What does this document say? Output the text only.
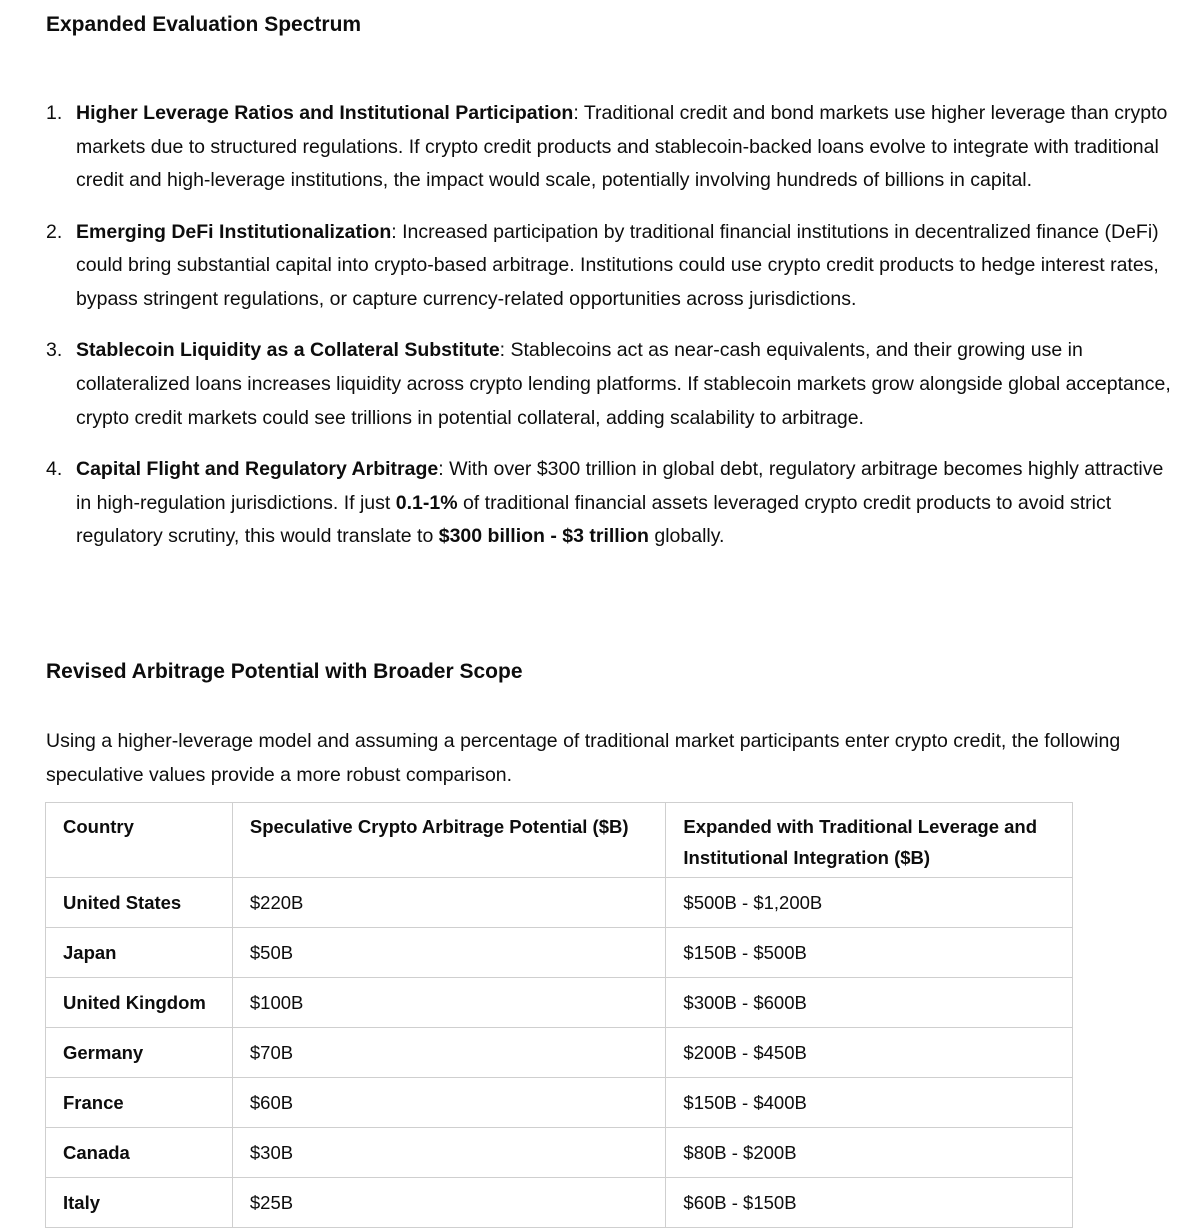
Expanded Evaluation Spectrum
1. Higher Leverage Ratios and Institutional Participation: Traditional credit and bond markets use higher leverage than crypto markets due to structured regulations. If crypto credit products and stablecoin-backed loans evolve to integrate with traditional credit and high-leverage institutions, the impact would scale, potentially involving hundreds of billions in capital.
2. Emerging DeFi Institutionalization: Increased participation by traditional financial institutions in decentralized finance (DeFi) could bring substantial capital into crypto-based arbitrage. Institutions could use crypto credit products to hedge interest rates, bypass stringent regulations, or capture currency-related opportunities across jurisdictions.
3. Stablecoin Liquidity as a Collateral Substitute: Stablecoins act as near-cash equivalents, and their growing use in collateralized loans increases liquidity across crypto lending platforms. If stablecoin markets grow alongside global acceptance, crypto credit markets could see trillions in potential collateral, adding scalability to arbitrage.
4. Capital Flight and Regulatory Arbitrage: With over $300 trillion in global debt, regulatory arbitrage becomes highly attractive in high-regulation jurisdictions. If just 0.1-1% of traditional financial assets leveraged crypto credit products to avoid strict regulatory scrutiny, this would translate to $300 billion - $3 trillion globally.
Revised Arbitrage Potential with Broader Scope

Using a higher-leverage model and assuming a percentage of traditional market participants enter crypto credit, the following speculative values provide a more robust comparison.

Country	Speculative Crypto Arbitrage Potential ($B)	Expanded with Traditional Leverage and Institutional Integration ($B)
United States	$220B	$500B - $1,200B
Japan	$50B	$150B - $500B
United Kingdom	$100B	$300B - $600B
Germany	$70B	$200B - $450B
France	$60B	$150B - $400B
Canada	$30B	$80B - $200B
Italy	$25B	$60B - $150B
